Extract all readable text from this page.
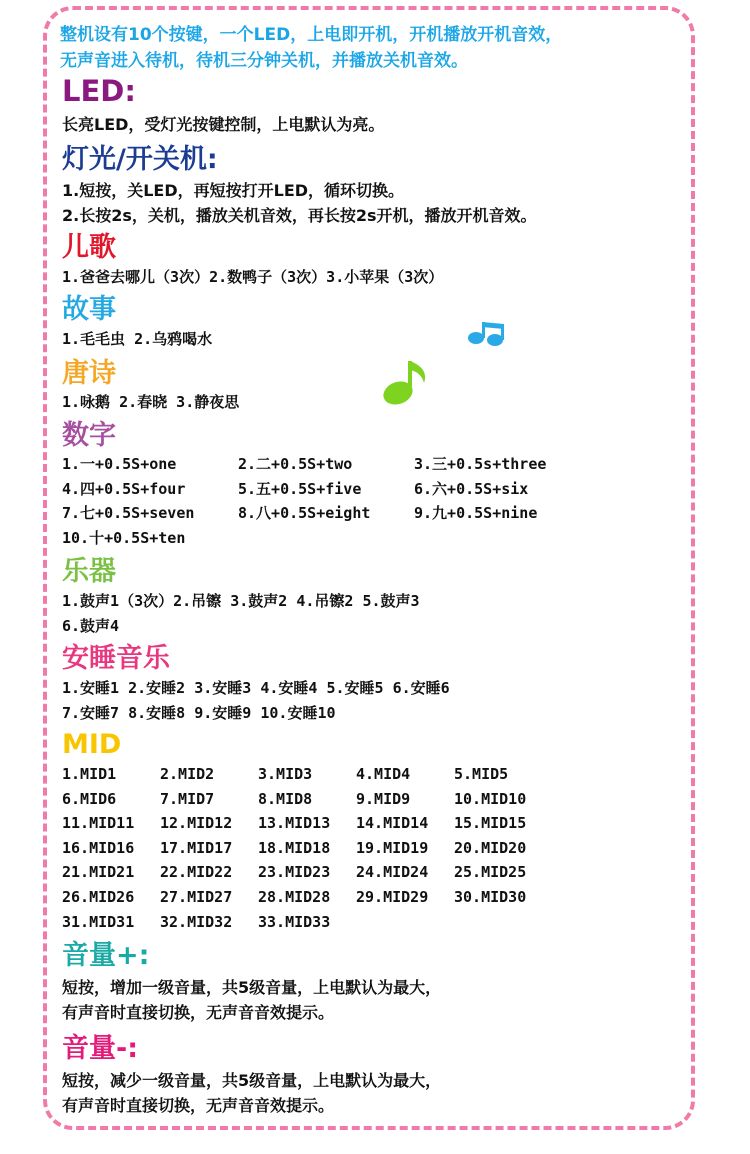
整机设有10个按键，一个LED，上电即开机，开机播放开机音效，
无声音进入待机，待机三分钟关机，并播放关机音效。
LED:
长亮LED，受灯光按键控制，上电默认为亮。
灯光/开关机:
1.短按，关LED，再短按打开LED，循环切换。
2.长按2s，关机，播放关机音效，再长按2s开机，播放开机音效。
儿歌
1.爸爸去哪儿（3次）2.数鸭子（3次）3.小苹果（3次）
故事
1.毛毛虫 2.乌鸦喝水
唐诗
1.咏鹅 2.春晓 3.静夜思
数字
1.一+0.5S+one	2.二+0.5S+two	3.三+0.5s+three
4.四+0.5S+four	5.五+0.5S+five	6.六+0.5S+six
7.七+0.5S+seven	8.八+0.5S+eight	9.九+0.5S+nine
10.十+0.5S+ten
乐器
1.鼓声1（3次）2.吊镲 3.鼓声2 4.吊镲2 5.鼓声3
6.鼓声4
安睡音乐
1.安睡1 2.安睡2 3.安睡3 4.安睡4 5.安睡5 6.安睡6
7.安睡7 8.安睡8 9.安睡9 10.安睡10
MID
1.MID1	2.MID2	3.MID3	4.MID4	5.MID5
6.MID6	7.MID7	8.MID8	9.MID9	10.MID10
11.MID11	12.MID12	13.MID13	14.MID14	15.MID15
16.MID16	17.MID17	18.MID18	19.MID19	20.MID20
21.MID21	22.MID22	23.MID23	24.MID24	25.MID25
26.MID26	27.MID27	28.MID28	29.MID29	30.MID30
31.MID31	32.MID32	33.MID33
音量+:
短按，增加一级音量，共5级音量，上电默认为最大，
有声音时直接切换，无声音音效提示。
音量-:
短按，减少一级音量，共5级音量，上电默认为最大，
有声音时直接切换，无声音音效提示。
